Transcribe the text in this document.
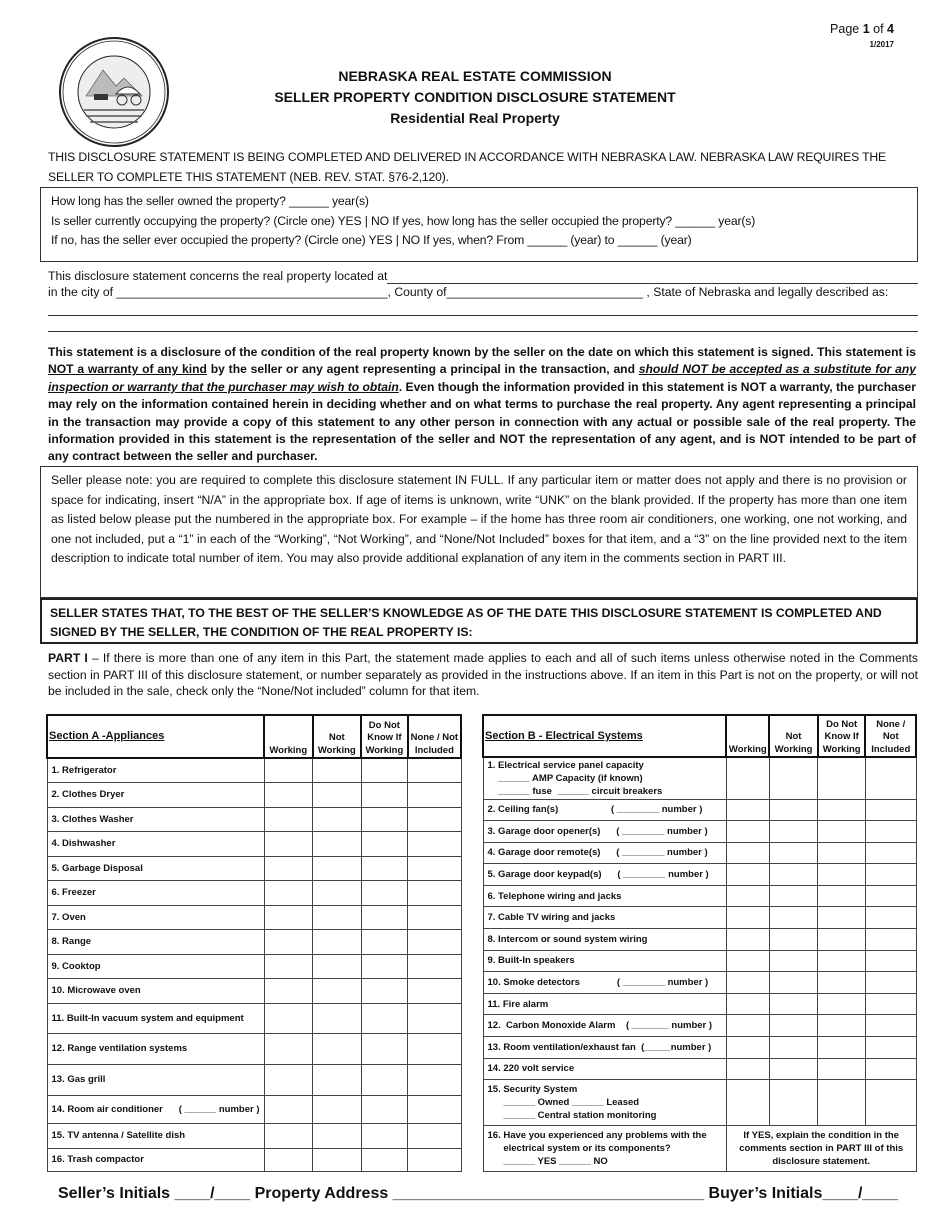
Page 1 of 4
1/2017
NEBRASKA REAL ESTATE COMMISSION
SELLER PROPERTY CONDITION DISCLOSURE STATEMENT
Residential Real Property
THIS DISCLOSURE STATEMENT IS BEING COMPLETED AND DELIVERED IN ACCORDANCE WITH NEBRASKA LAW. NEBRASKA LAW REQUIRES THE SELLER TO COMPLETE THIS STATEMENT (NEB. REV. STAT. §76-2,120).
How long has the seller owned the property? ______ year(s)
Is seller currently occupying the property? (Circle one) YES | NO If yes, how long has the seller occupied the property? ______ year(s)
If no, has the seller ever occupied the property? (Circle one) YES | NO If yes, when? From ______ (year) to ______ (year)
This disclosure statement concerns the real property located at
in the city of ________________________________________, County of_____________________________ , State of Nebraska and legally described as:
This statement is a disclosure of the condition of the real property known by the seller on the date on which this statement is signed. This statement is NOT a warranty of any kind by the seller or any agent representing a principal in the transaction, and should NOT be accepted as a substitute for any inspection or warranty that the purchaser may wish to obtain. Even though the information provided in this statement is NOT a warranty, the purchaser may rely on the information contained herein in deciding whether and on what terms to purchase the real property. Any agent representing a principal in the transaction may provide a copy of this statement to any other person in connection with any actual or possible sale of the real property. The information provided in this statement is the representation of the seller and NOT the representation of any agent, and is NOT intended to be part of any contract between the seller and purchaser.
Seller please note: you are required to complete this disclosure statement IN FULL. If any particular item or matter does not apply and there is no provision or space for indicating, insert “N/A” in the appropriate box. If age of items is unknown, write “UNK” on the blank provided. If the property has more than one item as listed below please put the numbered in the appropriate box. For example – if the home has three room air conditioners, one working, one not working, and one not included, put a “1” in each of the “Working”, “Not Working”, and “None/Not Included” boxes for that item, and a “3” on the line provided next to the item description to indicate total number of item. You may also provide additional explanation of any item in the comments section in PART III.
SELLER STATES THAT, TO THE BEST OF THE SELLER’S KNOWLEDGE AS OF THE DATE THIS DISCLOSURE STATEMENT IS COMPLETED AND SIGNED BY THE SELLER, THE CONDITION OF THE REAL PROPERTY IS:
PART I – If there is more than one of any item in this Part, the statement made applies to each and all of such items unless otherwise noted in the Comments section in PART III of this disclosure statement, or number separately as provided in the instructions above. If an item in this Part is not on the property, or will not be included in the sale, check only the “None/Not included” column for that item.
Section A -Appliances	Working	Not Working	Do Not Know If Working	None / Not Included
1. Refrigerator				
2. Clothes Dryer				
3. Clothes Washer				
4. Dishwasher				
5. Garbage Disposal				
6. Freezer				
7. Oven				
8. Range				
9. Cooktop				
10. Microwave oven				
11. Built-In vacuum system and equipment				
12. Range ventilation systems				
13. Gas grill				
14. Room air conditioner      ( ______ number )				
15. TV antenna / Satellite dish				
16. Trash compactor				
Section B - Electrical Systems	Working	Not Working	Do Not Know If Working	None / Not Included
1. Electrical service panel capacity
______ AMP Capacity (if known)
______ fuse  ______ circuit breakers				
2. Ceiling fan(s)                    ( ________ number )				
3. Garage door opener(s)      ( ________ number )				
4. Garage door remote(s)      ( ________ number )				
5. Garage door keypad(s)      ( ________ number )				
6. Telephone wiring and jacks				
7. Cable TV wiring and jacks				
8. Intercom or sound system wiring				
9. Built-In speakers				
10. Smoke detectors              ( ________ number )				
11. Fire alarm				
12.  Carbon Monoxide Alarm    ( _______ number )				
13. Room ventilation/exhaust fan  (_____number )				
14. 220 volt service				
15. Security System
______ Owned ______ Leased
______ Central station monitoring				
16. Have you experienced any problems with the
electrical system or its components?
______ YES ______ NO	If YES, explain the condition in the comments section in PART III of this disclosure statement.			
Seller’s Initials ____/____ Property Address ___________________________________ Buyer’s Initials____/____
